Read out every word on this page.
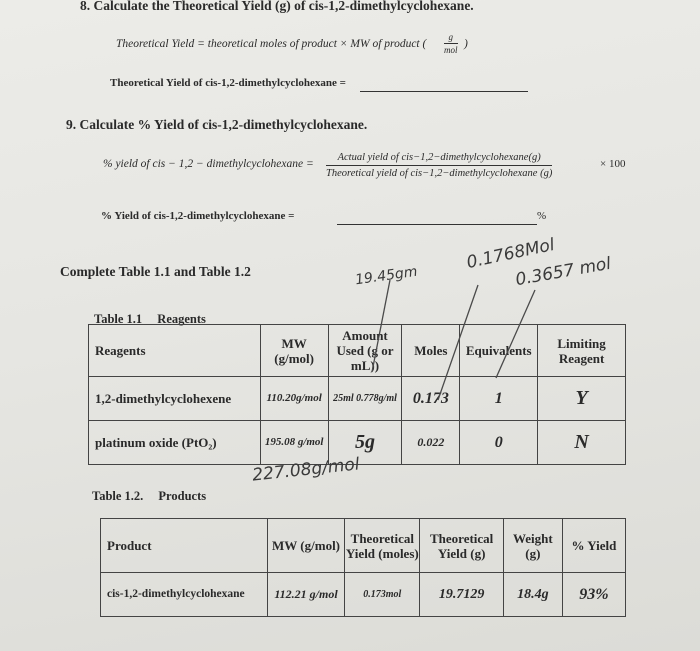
8. Calculate the Theoretical Yield (g) of cis-1,2-dimethylcyclohexane.
Theoretical Yield = theoretical moles of product × MW of product (
g
mol )
Theoretical Yield of cis-1,2-dimethylcyclohexane =
9. Calculate % Yield of cis-1,2-dimethylcyclohexane.
% yield of cis − 1,2 − dimethylcyclohexane =
Actual yield of cis−1,2−dimethylcyclohexane(g)
Theoretical yield of cis−1,2−dimethylcyclohexane (g)
× 100
% Yield of cis-1,2-dimethylcyclohexane =	%
Complete Table 1.1 and Table 1.2	19.45gm
0.1768Mol
0.3657 mol
Table 1.1 Reagents
Reagents	MW (g/mol)	Amount Used (g or mL))	Moles	Equivalents	Limiting Reagent
1,2-dimethylcyclohexene	110.20g/mol	25ml 0.778g/ml	0.173	1	Y
platinum oxide (PtO₂)	195.08 g/mol	5g	0.022	0	N
227.08g/mol
Table 1.2. Products
Product	MW (g/mol)	Theoretical Yield (moles)	Theoretical Yield (g)	Weight (g)	% Yield
cis-1,2-dimethylcyclohexane	112.21 g/mol	0.173mol	19.7129	18.4g	93%
